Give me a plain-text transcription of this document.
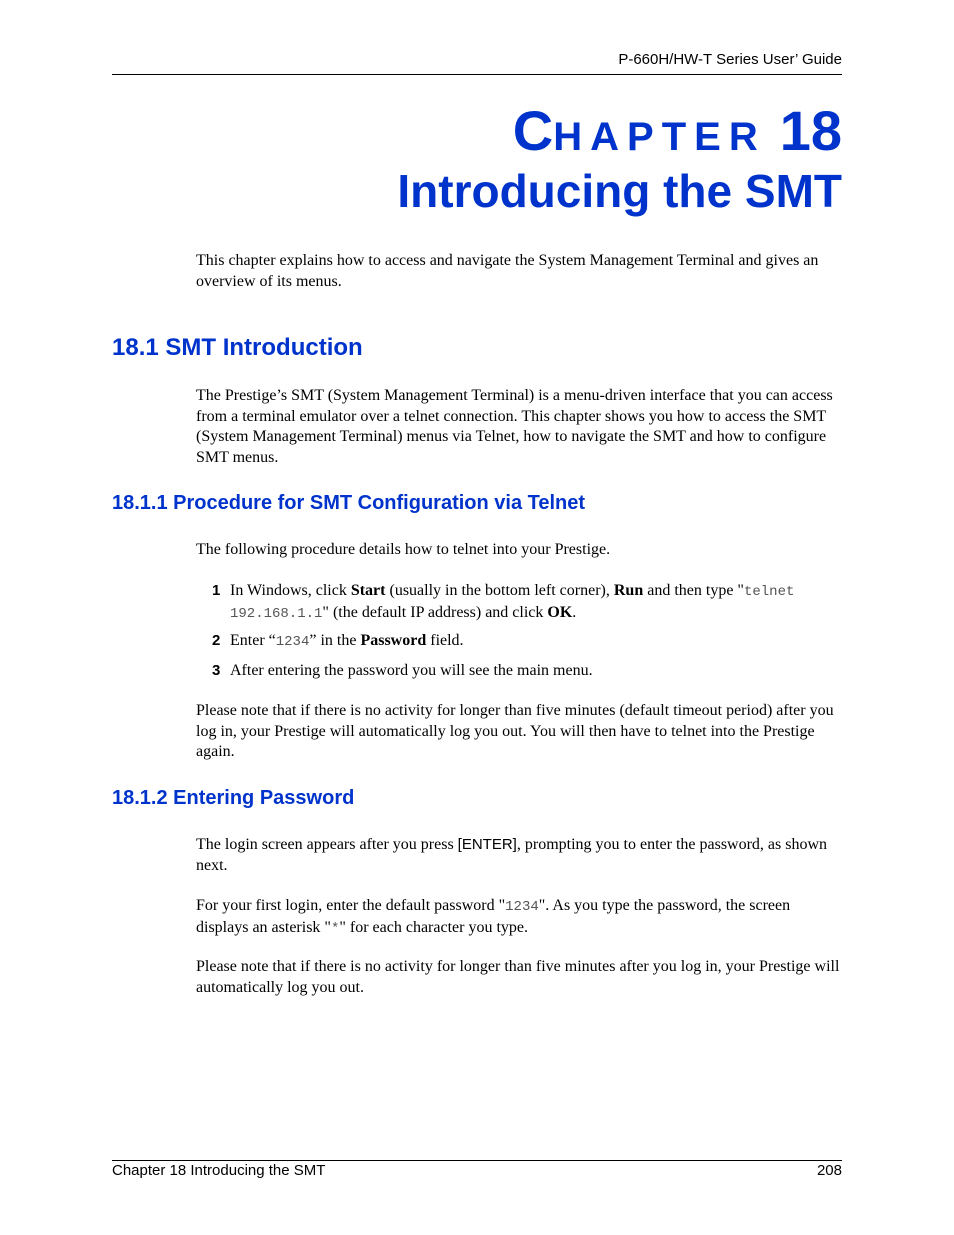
P-660H/HW-T Series User’ Guide
CHAPTER 18
Introducing the SMT
This chapter explains how to access and navigate the System Management Terminal and gives an overview of its menus.
18.1 SMT Introduction
The Prestige’s SMT (System Management Terminal) is a menu-driven interface that you can access from a terminal emulator over a telnet connection. This chapter shows you how to access the SMT (System Management Terminal) menus via Telnet, how to navigate the SMT and how to configure SMT menus.
18.1.1 Procedure for SMT Configuration via Telnet
The following procedure details how to telnet into your Prestige.
1 In Windows, click Start (usually in the bottom left corner), Run and then type "telnet 192.168.1.1" (the default IP address) and click OK.
2 Enter “1234” in the Password field.
3 After entering the password you will see the main menu.
Please note that if there is no activity for longer than five minutes (default timeout period) after you log in, your Prestige will automatically log you out. You will then have to telnet into the Prestige again.
18.1.2 Entering Password
The login screen appears after you press [ENTER], prompting you to enter the password, as shown next.
For your first login, enter the default password "1234". As you type the password, the screen displays an asterisk "*" for each character you type.
Please note that if there is no activity for longer than five minutes after you log in, your Prestige will automatically log you out.
Chapter 18 Introducing the SMT	208
